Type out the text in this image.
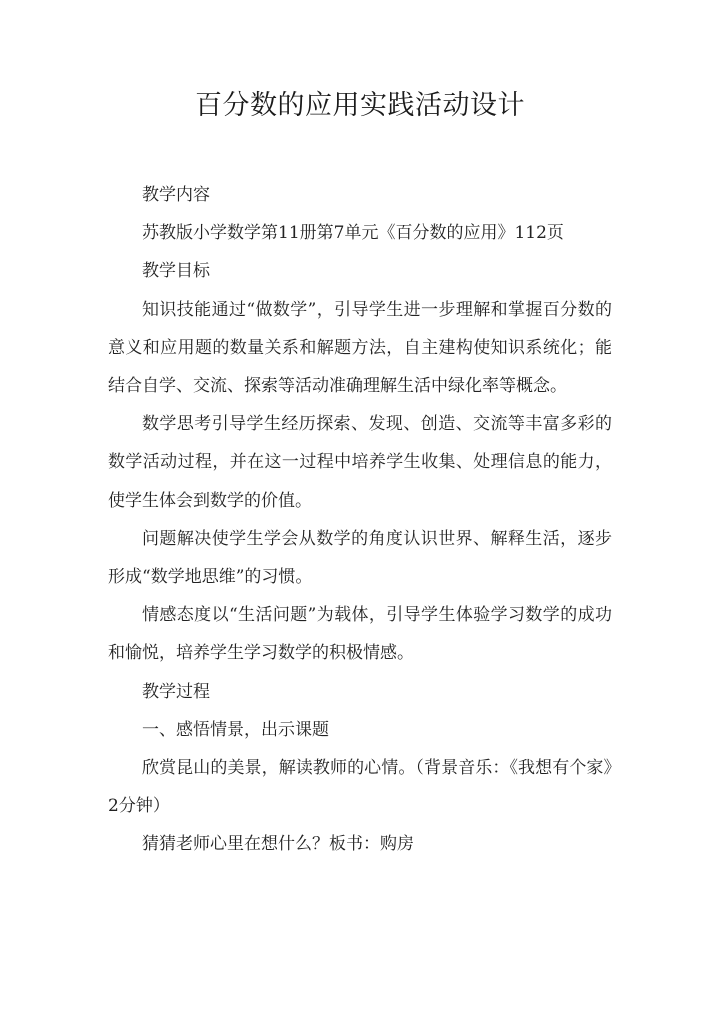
百分数的应用实践活动设计

教学内容

苏教版小学数学第11册第7单元《百分数的应用》112页

教学目标

知识技能通过“做数学”，引导学生进一步理解和掌握百分数的意义和应用题的数量关系和解题方法，自主建构使知识系统化；能结合自学、交流、探索等活动准确理解生活中绿化率等概念。

数学思考引导学生经历探索、发现、创造、交流等丰富多彩的数学活动过程，并在这一过程中培养学生收集、处理信息的能力，使学生体会到数学的价值。

问题解决使学生学会从数学的角度认识世界、解释生活，逐步形成“数学地思维”的习惯。

情感态度以“生活问题”为载体，引导学生体验学习数学的成功和愉悦，培养学生学习数学的积极情感。

教学过程

一、感悟情景，出示课题

欣赏昆山的美景，解读教师的心情。（背景音乐：《我想有个家》2分钟）

猜猜老师心里在想什么？板书：购房
